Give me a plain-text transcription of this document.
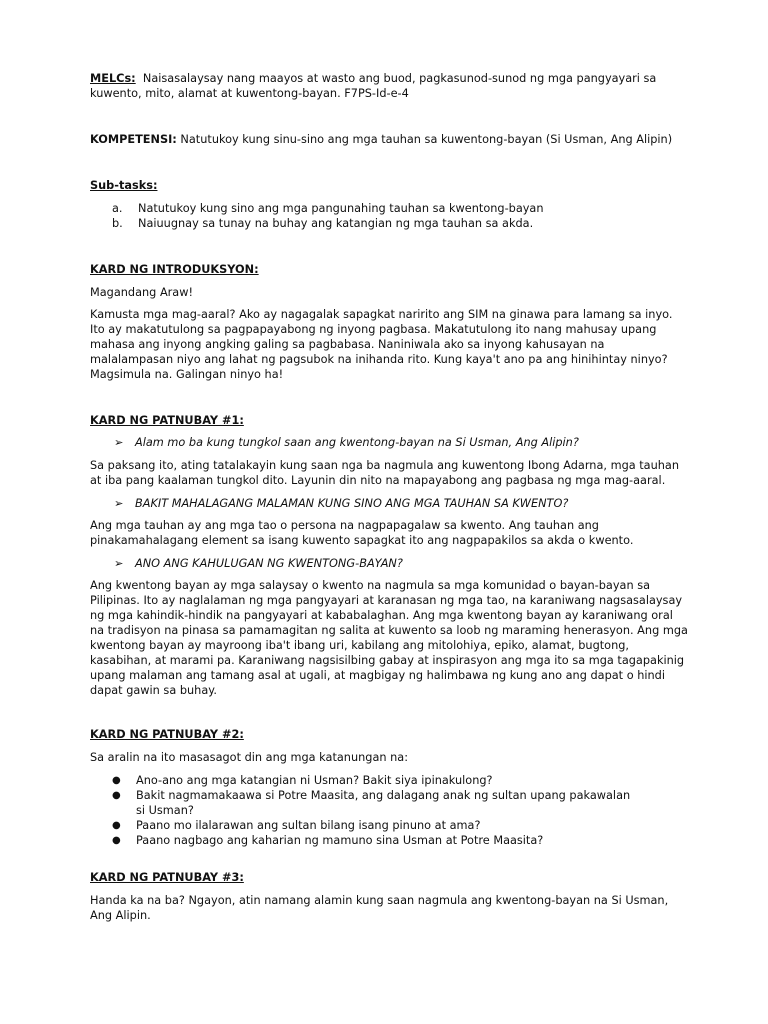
MELCs: Naisasalaysay nang maayos at wasto ang buod, pagkasunod-sunod ng mga pangyayari sa kuwento, mito, alamat at kuwentong-bayan. F7PS-Id-e-4

KOMPETENSI: Natutukoy kung sinu-sino ang mga tauhan sa kuwentong-bayan (Si Usman, Ang Alipin)

Sub-tasks:

a.	Natutukoy kung sino ang mga pangunahing tauhan sa kwentong-bayan
b.	Naiuugnay sa tunay na buhay ang katangian ng mga tauhan sa akda.

KARD NG INTRODUKSYON:

Magandang Araw!

Kamusta mga mag-aaral? Ako ay nagagalak sapagkat naririto ang SIM na ginawa para lamang sa inyo. Ito ay makatutulong sa pagpapayabong ng inyong pagbasa. Makatutulong ito nang mahusay upang mahasa ang inyong angking galing sa pagbabasa. Naniniwala ako sa inyong kahusayan na malalampasan niyo ang lahat ng pagsubok na inihanda rito. Kung kaya't ano pa ang hinihintay ninyo? Magsimula na. Galingan ninyo ha!

KARD NG PATNUBAY #1:

➢	Alam mo ba kung tungkol saan ang kwentong-bayan na Si Usman, Ang Alipin?

Sa paksang ito, ating tatalakayin kung saan nga ba nagmula ang kuwentong Ibong Adarna, mga tauhan at iba pang kaalaman tungkol dito. Layunin din nito na mapayabong ang pagbasa ng mga mag-aaral.

➢	BAKIT MAHALAGANG MALAMAN KUNG SINO ANG MGA TAUHAN SA KWENTO?

Ang mga tauhan ay ang mga tao o persona na nagpapagalaw sa kwento. Ang tauhan ang pinakamahalagang element sa isang kuwento sapagkat ito ang nagpapakilos sa akda o kwento.

➢	ANO ANG KAHULUGAN NG KWENTONG-BAYAN?

Ang kwentong bayan ay mga salaysay o kwento na nagmula sa mga komunidad o bayan-bayan sa Pilipinas. Ito ay naglalaman ng mga pangyayari at karanasan ng mga tao, na karaniwang nagsasalaysay ng mga kahindik-hindik na pangyayari at kababalaghan. Ang mga kwentong bayan ay karaniwang oral na tradisyon na pinasa sa pamamagitan ng salita at kuwento sa loob ng maraming henerasyon. Ang mga kwentong bayan ay mayroong iba't ibang uri, kabilang ang mitolohiya, epiko, alamat, bugtong, kasabihan, at marami pa. Karaniwang nagsisilbing gabay at inspirasyon ang mga ito sa mga tagapakinig upang malaman ang tamang asal at ugali, at magbigay ng halimbawa ng kung ano ang dapat o hindi dapat gawin sa buhay.

KARD NG PATNUBAY #2:

Sa aralin na ito masasagot din ang mga katanungan na:

●	Ano-ano ang mga katangian ni Usman? Bakit siya ipinakulong?
●	Bakit nagmamakaawa si Potre Maasita, ang dalagang anak ng sultan upang pakawalan si Usman?
●	Paano mo ilalarawan ang sultan bilang isang pinuno at ama?
●	Paano nagbago ang kaharian ng mamuno sina Usman at Potre Maasita?

KARD NG PATNUBAY #3:

Handa ka na ba? Ngayon, atin namang alamin kung saan nagmula ang kwentong-bayan na Si Usman, Ang Alipin.
